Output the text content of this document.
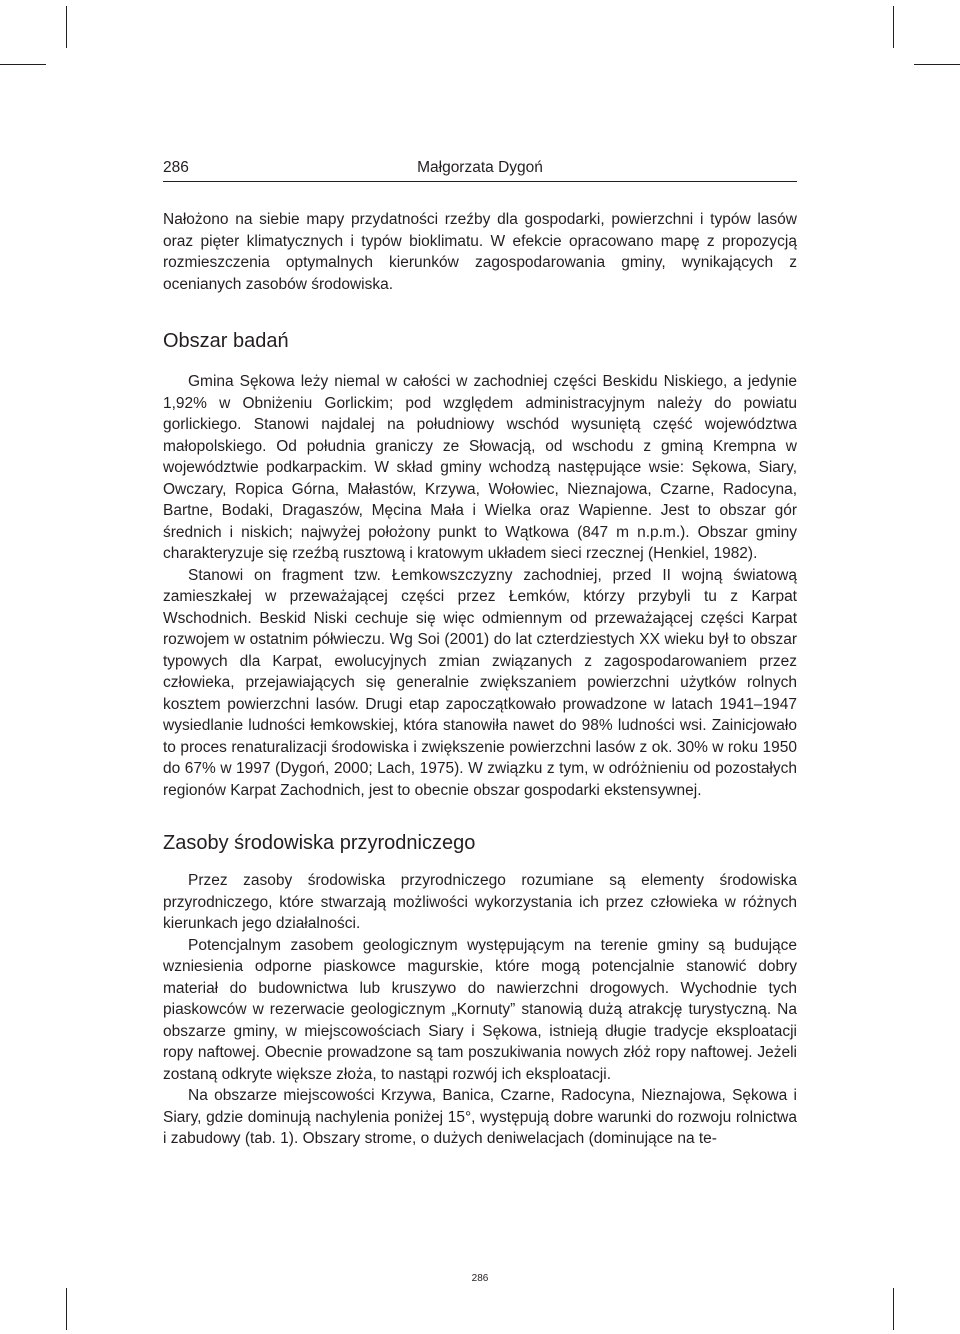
286	Małgorzata Dygoń

Nałożono na siebie mapy przydatności rzeźby dla gospodarki, powierzchni i typów lasów oraz pięter klimatycznych i typów bioklimatu. W efekcie opracowano mapę z propozycją rozmieszczenia optymalnych kierunków zagospodarowania gminy, wynikających z ocenianych zasobów środowiska.

Obszar badań

Gmina Sękowa leży niemal w całości w zachodniej części Beskidu Niskiego, a jedynie 1,92% w Obniżeniu Gorlickim; pod względem administracyjnym należy do powiatu gorlickiego. Stanowi najdalej na południowy wschód wysuniętą część województwa małopolskiego. Od południa graniczy ze Słowacją, od wschodu z gminą Krempna w województwie podkarpackim. W skład gminy wchodzą następujące wsie: Sękowa, Siary, Owczary, Ropica Górna, Małastów, Krzywa, Wołowiec, Nieznajowa, Czarne, Radocyna, Bartne, Bodaki, Dragaszów, Męcina Mała i Wielka oraz Wapienne. Jest to obszar gór średnich i niskich; najwyżej położony punkt to Wątkowa (847 m n.p.m.). Obszar gminy charakteryzuje się rzeźbą rusztową i kratowym układem sieci rzecznej (Henkiel, 1982).

Stanowi on fragment tzw. Łemkowszczyzny zachodniej, przed II wojną światową zamieszkałej w przeważającej części przez Łemków, którzy przybyli tu z Karpat Wschodnich. Beskid Niski cechuje się więc odmiennym od przeważającej części Karpat rozwojem w ostatnim półwieczu. Wg Soi (2001) do lat czterdziestych XX wieku był to obszar typowych dla Karpat, ewolucyjnych zmian związanych z zagospodarowaniem przez człowieka, przejawiających się generalnie zwiększaniem powierzchni użytków rolnych kosztem powierzchni lasów. Drugi etap zapoczątkowało prowadzone w latach 1941–1947 wysiedlanie ludności łemkowskiej, która stanowiła nawet do 98% ludności wsi. Zainicjowało to proces renaturalizacji środowiska i zwiększenie powierzchni lasów z ok. 30% w roku 1950 do 67% w 1997 (Dygoń, 2000; Lach, 1975). W związku z tym, w odróżnieniu od pozostałych regionów Karpat Zachodnich, jest to obecnie obszar gospodarki ekstensywnej.

Zasoby środowiska przyrodniczego

Przez zasoby środowiska przyrodniczego rozumiane są elementy środowiska przyrodniczego, które stwarzają możliwości wykorzystania ich przez człowieka w różnych kierunkach jego działalności.

Potencjalnym zasobem geologicznym występującym na terenie gminy są budujące wzniesienia odporne piaskowce magurskie, które mogą potencjalnie stanowić dobry materiał do budownictwa lub kruszywo do nawierzchni drogowych. Wychodnie tych piaskowców w rezerwacie geologicznym „Kornuty” stanowią dużą atrakcję turystyczną. Na obszarze gminy, w miejscowościach Siary i Sękowa, istnieją długie tradycje eksploatacji ropy naftowej. Obecnie prowadzone są tam poszukiwania nowych złóż ropy naftowej. Jeżeli zostaną odkryte większe złoża, to nastąpi rozwój ich eksploatacji.

Na obszarze miejscowości Krzywa, Banica, Czarne, Radocyna, Nieznajowa, Sękowa i Siary, gdzie dominują nachylenia poniżej 15°, występują dobre warunki do rozwoju rolnictwa i zabudowy (tab. 1). Obszary strome, o dużych deniwelacjach (dominujące na te-

286
